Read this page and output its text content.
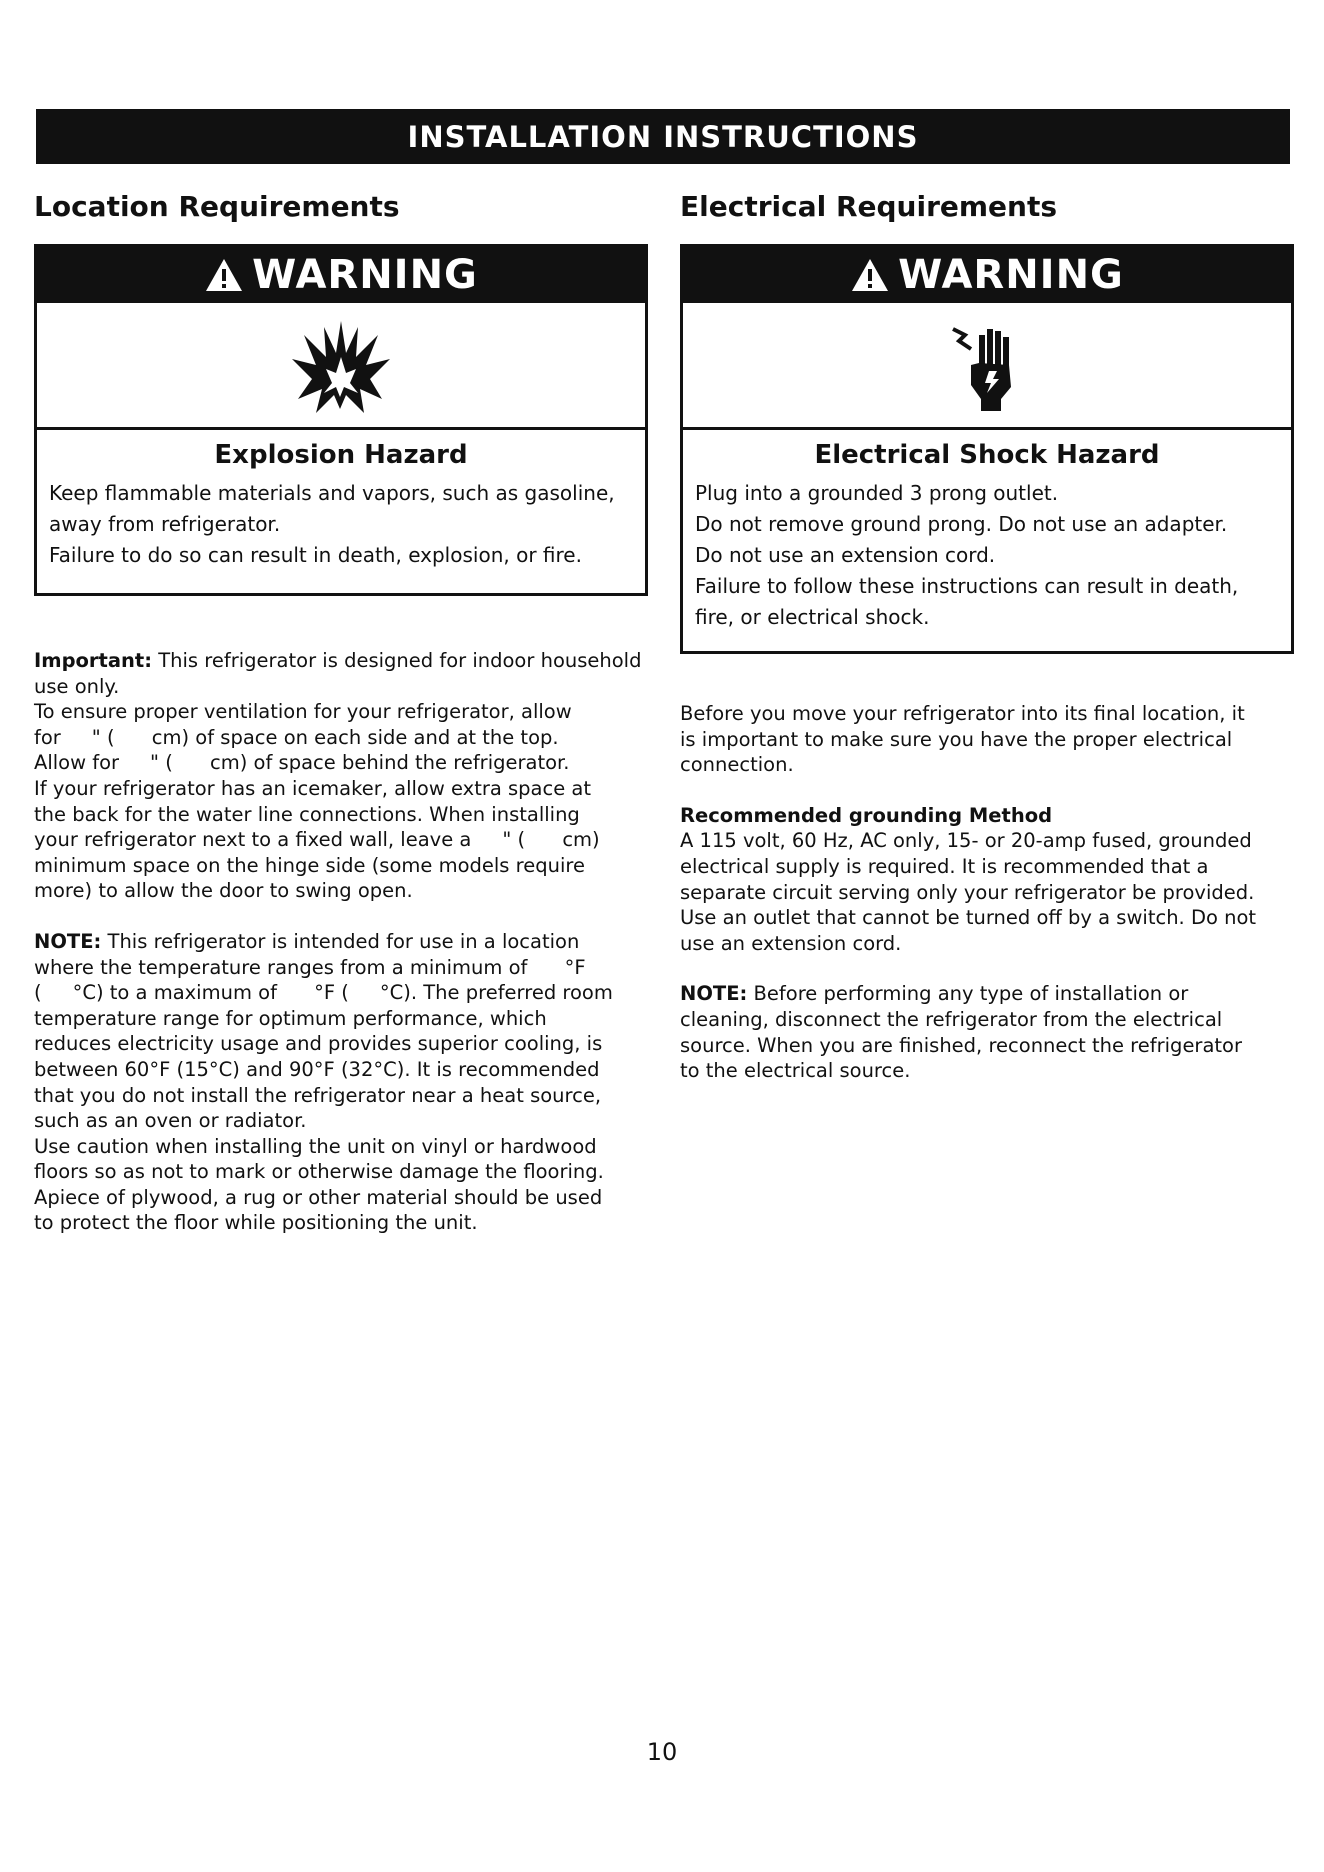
INSTALLATION INSTRUCTIONS
Location Requirements
WARNING
Explosion Hazard
Keep flammable materials and vapors, such as gasoline,
away from refrigerator.
Failure to do so can result in death, explosion, or fire.

Important: This refrigerator is designed for indoor household use only.

To ensure proper ventilation for your refrigerator, allow

for     " (      cm) of space on each side and at the top.

Allow for     " (      cm) of space behind the refrigerator.

If your refrigerator has an icemaker, allow extra space at

the back for the water line connections. When installing

your refrigerator next to a fixed wall, leave a     " (      cm)

minimum space on the hinge side (some models require

more) to allow the door to swing open.

NOTE: This refrigerator is intended for use in a location

where the temperature ranges from a minimum of      °F

(     °C) to a maximum of      °F (     °C). The preferred room

temperature range for optimum performance, which

reduces electricity usage and provides superior cooling, is

between 60°F (15°C) and 90°F (32°C). It is recommended

that you do not install the refrigerator near a heat source,

such as an oven or radiator.

Use caution when installing the unit on vinyl or hardwood

floors so as not to mark or otherwise damage the flooring.

Apiece of plywood, a rug or other material should be used

to protect the floor while positioning the unit.

Electrical Requirements
WARNING
Electrical Shock Hazard
Plug into a grounded 3 prong outlet.
Do not remove ground prong. Do not use an adapter.
Do not use an extension cord.
Failure to follow these instructions can result in death,
fire, or electrical shock.

Before you move your refrigerator into its final location, it

is important to make sure you have the proper electrical

connection.

Recommended grounding Method

A 115 volt, 60 Hz, AC only, 15- or 20-amp fused, grounded

electrical supply is required. It is recommended that a

separate circuit serving only your refrigerator be provided.

Use an outlet that cannot be turned off by a switch. Do not

use an extension cord.

NOTE: Before performing any type of installation or

cleaning, disconnect the refrigerator from the electrical

source. When you are finished, reconnect the refrigerator

to the electrical source.

10
